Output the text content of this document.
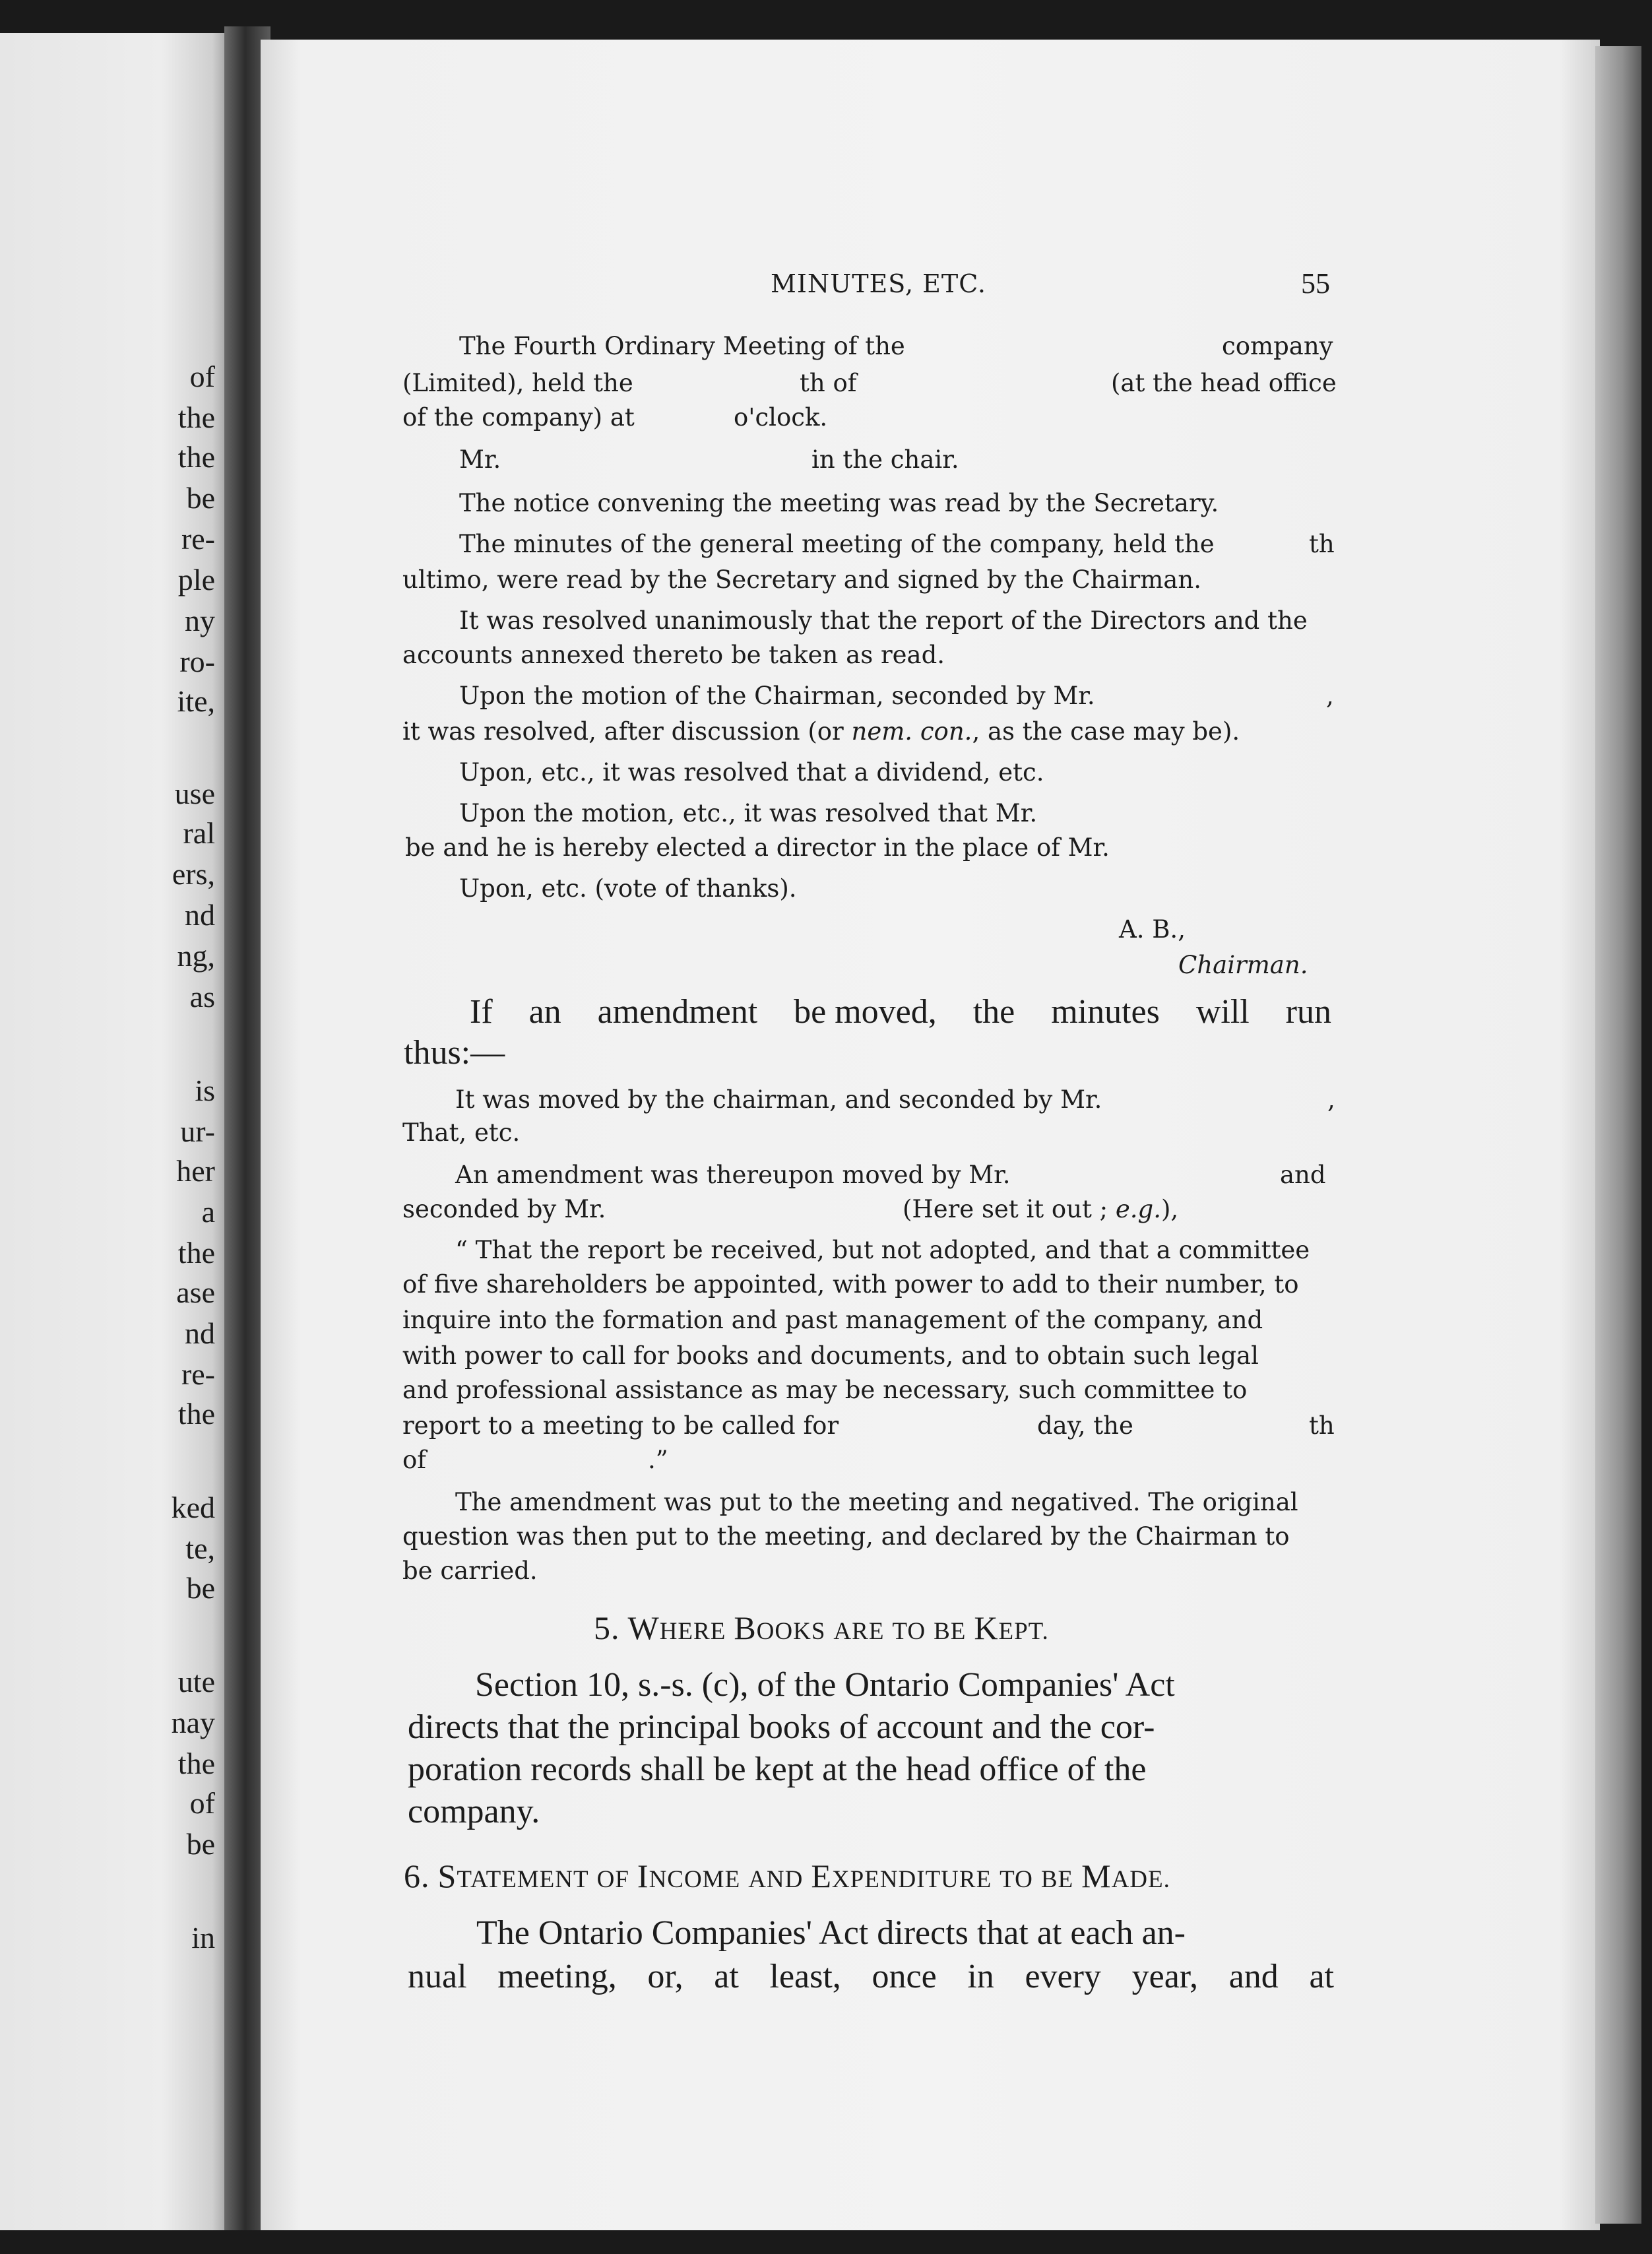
of
the
the
be
re-
ple
ny
ro-
ite,
use
ral
ers,
nd
ng,
as
is
ur-
her
a
the
ase
nd
re-
the
ked
te,
be
ute
nay
the
of
be
in
MINUTES, ETC.	55
The Fourth Ordinary Meeting of the	company
(Limited), held the	th of	(at the head office
of the company) at	o'clock.
Mr.	in the chair.
The notice convening the meeting was read by the Secretary.
The minutes of the general meeting of the company, held the	th
ultimo, were read by the Secretary and signed by the Chairman.
It was resolved unanimously that the report of the Directors and the
accounts annexed thereto be taken as read.
Upon the motion of the Chairman, seconded by Mr.	,
it was resolved, after discussion (or nem. con., as the case may be).
Upon, etc., it was resolved that a dividend, etc.
Upon the motion, etc., it was resolved that Mr.
be and he is hereby elected a director in the place of Mr.
Upon, etc. (vote of thanks).
A. B.,
Chairman.
If an amendment be moved, the minutes will run
thus:—
It was moved by the chairman, and seconded by Mr.	,
That, etc.
An amendment was thereupon moved by Mr.	and
seconded by Mr.	(Here set it out ; e.g.),
“ That the report be received, but not adopted, and that a committee
of five shareholders be appointed, with power to add to their number, to
inquire into the formation and past management of the company, and
with power to call for books and documents, and to obtain such legal
and professional assistance as may be necessary, such committee to
report to a meeting to be called for	day, the	th
of	.”
The amendment was put to the meeting and negatived. The original
question was then put to the meeting, and declared by the Chairman to
be carried.
5. WHERE BOOKS ARE TO BE KEPT.
Section 10, s.-s. (c), of the Ontario Companies' Act
directs that the principal books of account and the cor-
poration records shall be kept at the head office of the
company.
6. STATEMENT OF INCOME AND EXPENDITURE TO BE MADE.
The Ontario Companies' Act directs that at each an-
nual meeting, or, at least, once in every year, and at
